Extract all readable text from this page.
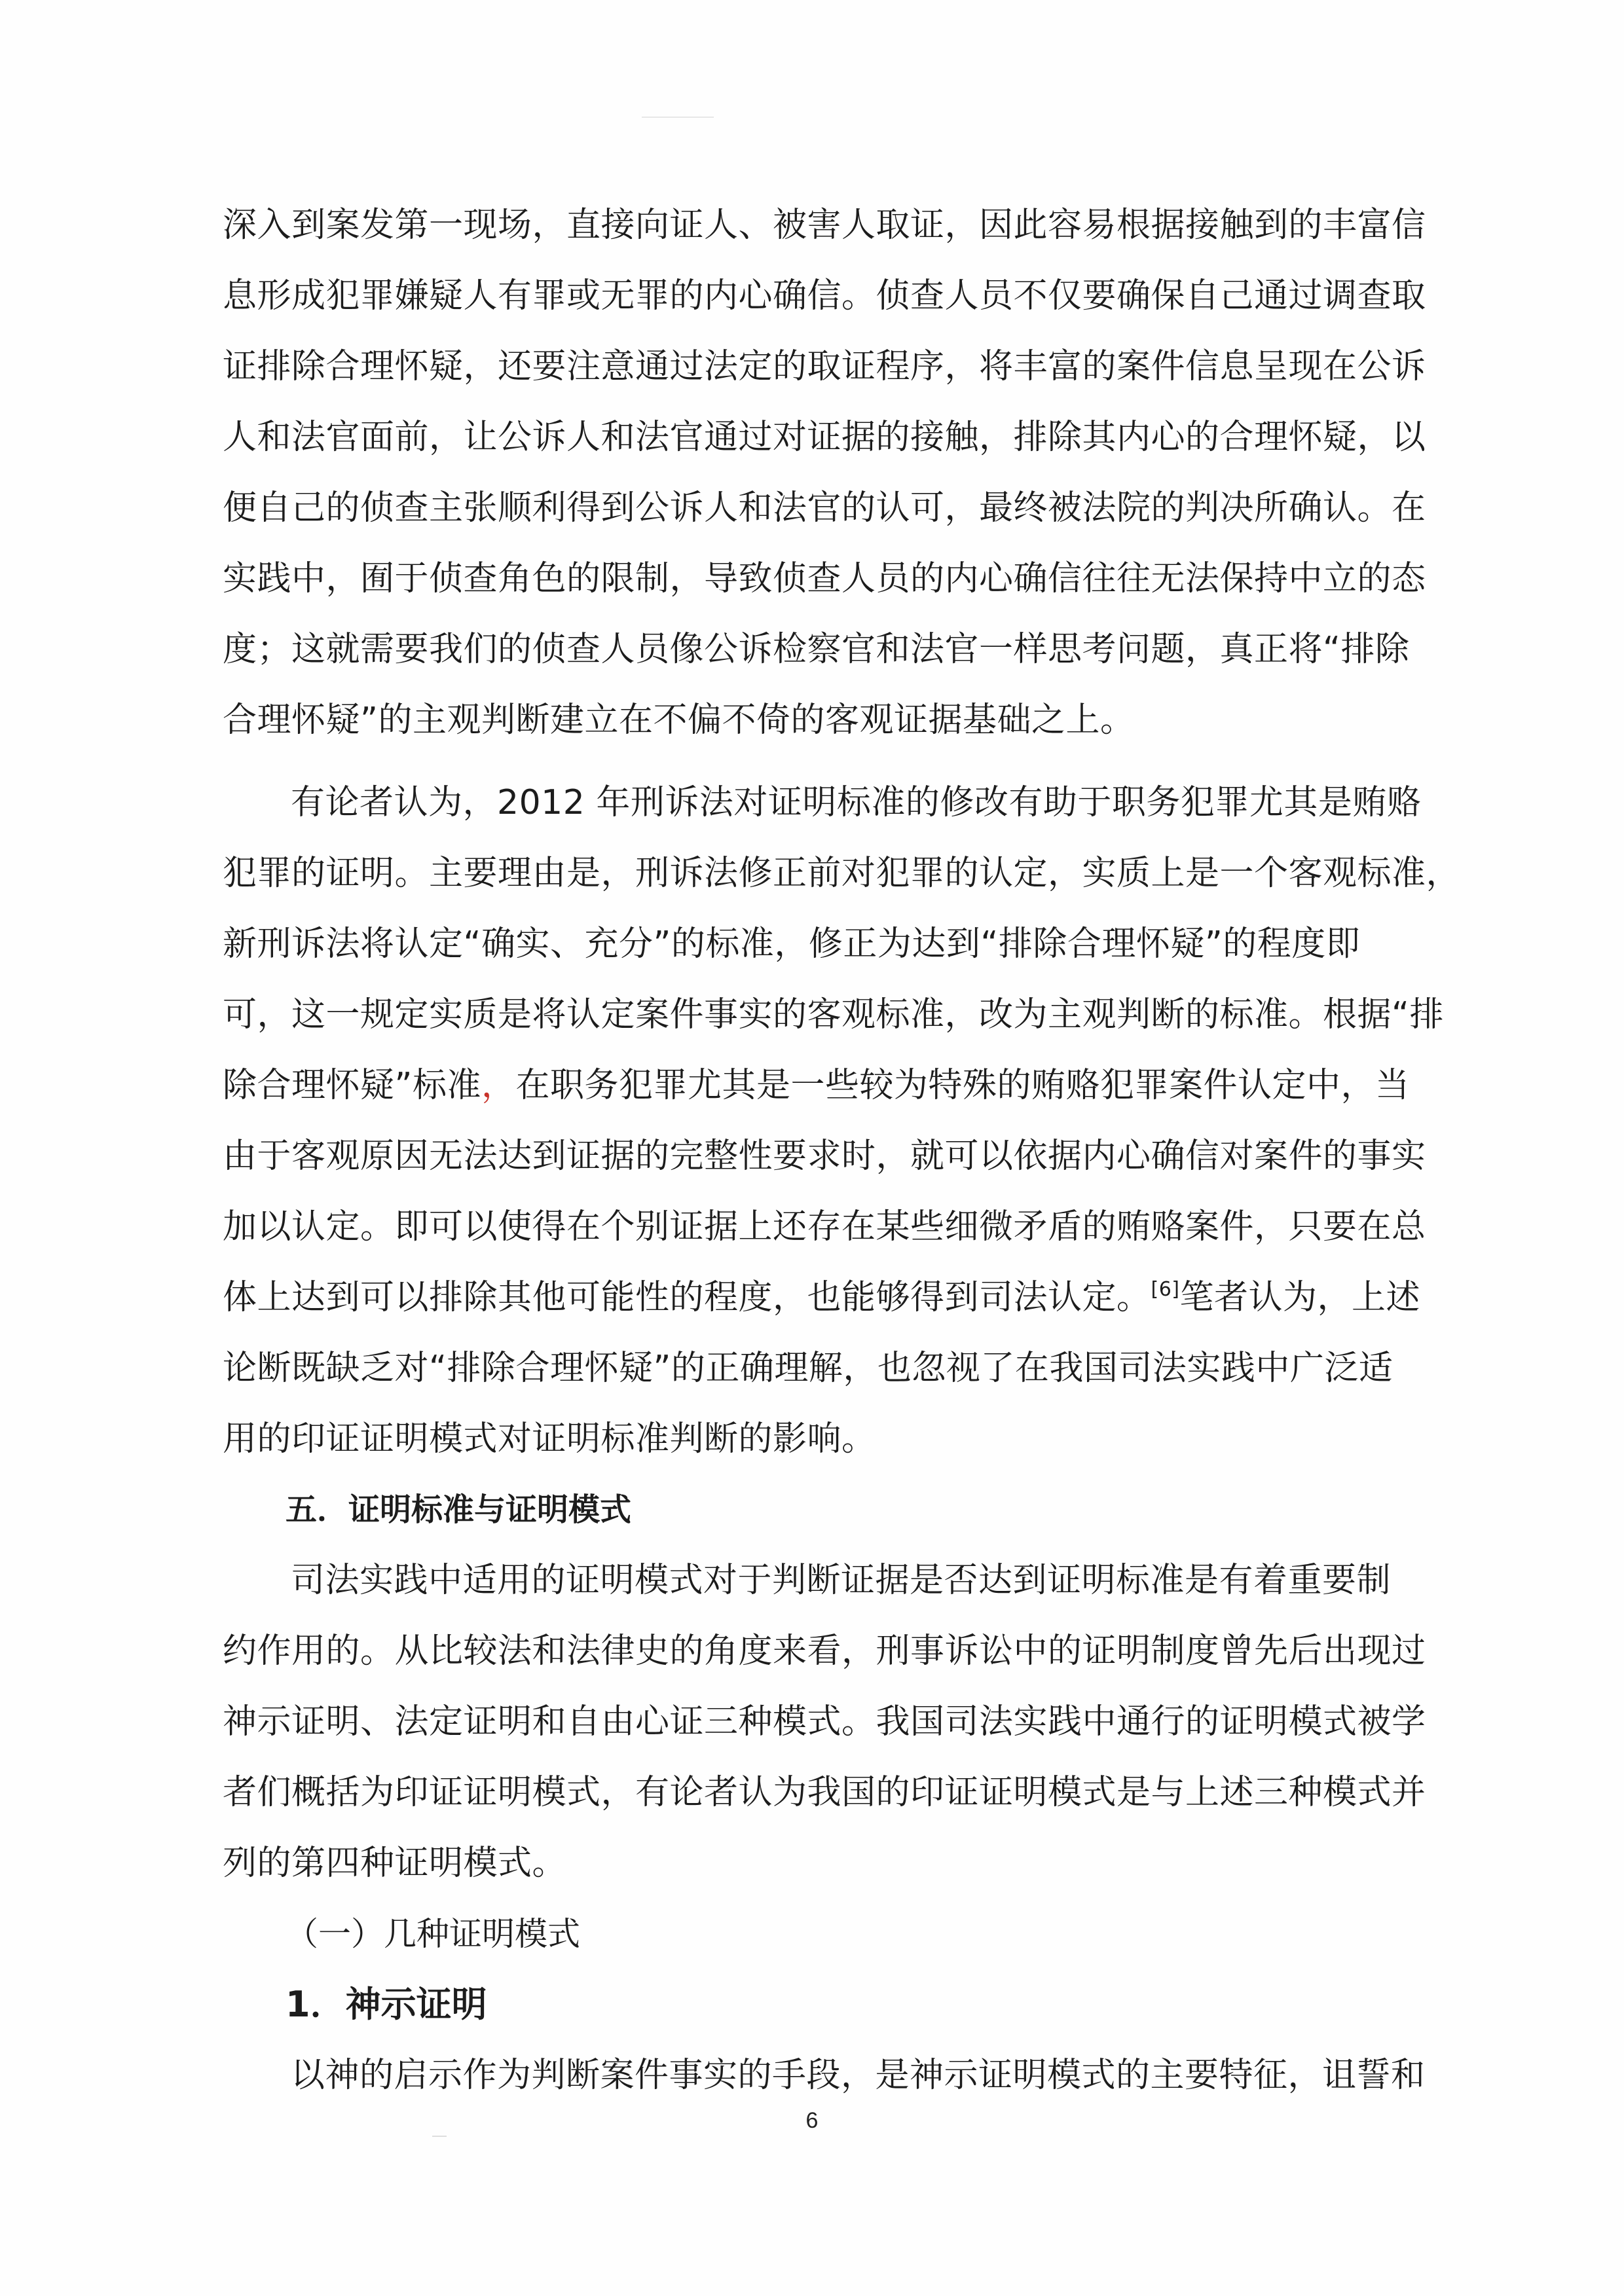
深入到案发第一现场，直接向证人、被害人取证，因此容易根据接触到的丰富信
息形成犯罪嫌疑人有罪或无罪的内心确信。侦查人员不仅要确保自己通过调查取
证排除合理怀疑，还要注意通过法定的取证程序，将丰富的案件信息呈现在公诉
人和法官面前，让公诉人和法官通过对证据的接触，排除其内心的合理怀疑，以
便自己的侦查主张顺利得到公诉人和法官的认可，最终被法院的判决所确认。在
实践中，囿于侦查角色的限制，导致侦查人员的内心确信往往无法保持中立的态
度；这就需要我们的侦查人员像公诉检察官和法官一样思考问题，真正将“排除
合理怀疑”的主观判断建立在不偏不倚的客观证据基础之上。
有论者认为，2012 年刑诉法对证明标准的修改有助于职务犯罪尤其是贿赂
犯罪的证明。主要理由是，刑诉法修正前对犯罪的认定，实质上是一个客观标准，
新刑诉法将认定“确实、充分”的标准，修正为达到“排除合理怀疑”的程度即
可，这一规定实质是将认定案件事实的客观标准，改为主观判断的标准。根据“排
除合理怀疑”标准，在职务犯罪尤其是一些较为特殊的贿赂犯罪案件认定中，当
由于客观原因无法达到证据的完整性要求时，就可以依据内心确信对案件的事实
加以认定。即可以使得在个别证据上还存在某些细微矛盾的贿赂案件，只要在总
体上达到可以排除其他可能性的程度，也能够得到司法认定。[6]笔者认为，上述
论断既缺乏对“排除合理怀疑”的正确理解，也忽视了在我国司法实践中广泛适
用的印证证明模式对证明标准判断的影响。
五．证明标准与证明模式
司法实践中适用的证明模式对于判断证据是否达到证明标准是有着重要制
约作用的。从比较法和法律史的角度来看，刑事诉讼中的证明制度曾先后出现过
神示证明、法定证明和自由心证三种模式。我国司法实践中通行的证明模式被学
者们概括为印证证明模式，有论者认为我国的印证证明模式是与上述三种模式并
列的第四种证明模式。
（一）几种证明模式
1．神示证明
以神的启示作为判断案件事实的手段，是神示证明模式的主要特征，诅誓和
6
